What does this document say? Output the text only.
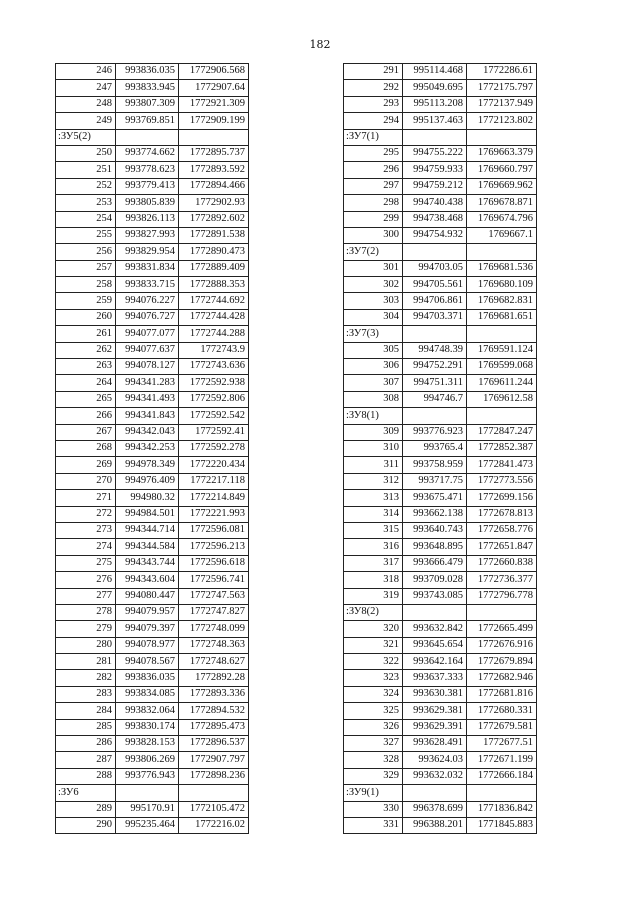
182
246	993836.035	1772906.568
247	993833.945	1772907.64
248	993807.309	1772921.309
249	993769.851	1772909.199
:ЗУ5(2)		
250	993774.662	1772895.737
251	993778.623	1772893.592
252	993779.413	1772894.466
253	993805.839	1772902.93
254	993826.113	1772892.602
255	993827.993	1772891.538
256	993829.954	1772890.473
257	993831.834	1772889.409
258	993833.715	1772888.353
259	994076.227	1772744.692
260	994076.727	1772744.428
261	994077.077	1772744.288
262	994077.637	1772743.9
263	994078.127	1772743.636
264	994341.283	1772592.938
265	994341.493	1772592.806
266	994341.843	1772592.542
267	994342.043	1772592.41
268	994342.253	1772592.278
269	994978.349	1772220.434
270	994976.409	1772217.118
271	994980.32	1772214.849
272	994984.501	1772221.993
273	994344.714	1772596.081
274	994344.584	1772596.213
275	994343.744	1772596.618
276	994343.604	1772596.741
277	994080.447	1772747.563
278	994079.957	1772747.827
279	994079.397	1772748.099
280	994078.977	1772748.363
281	994078.567	1772748.627
282	993836.035	1772892.28
283	993834.085	1772893.336
284	993832.064	1772894.532
285	993830.174	1772895.473
286	993828.153	1772896.537
287	993806.269	1772907.797
288	993776.943	1772898.236
:ЗУ6		
289	995170.91	1772105.472
290	995235.464	1772216.02
291	995114.468	1772286.61
292	995049.695	1772175.797
293	995113.208	1772137.949
294	995137.463	1772123.802
:ЗУ7(1)		
295	994755.222	1769663.379
296	994759.933	1769660.797
297	994759.212	1769669.962
298	994740.438	1769678.871
299	994738.468	1769674.796
300	994754.932	1769667.1
:ЗУ7(2)		
301	994703.05	1769681.536
302	994705.561	1769680.109
303	994706.861	1769682.831
304	994703.371	1769681.651
:ЗУ7(3)		
305	994748.39	1769591.124
306	994752.291	1769599.068
307	994751.311	1769611.244
308	994746.7	1769612.58
:ЗУ8(1)		
309	993776.923	1772847.247
310	993765.4	1772852.387
311	993758.959	1772841.473
312	993717.75	1772773.556
313	993675.471	1772699.156
314	993662.138	1772678.813
315	993640.743	1772658.776
316	993648.895	1772651.847
317	993666.479	1772660.838
318	993709.028	1772736.377
319	993743.085	1772796.778
:ЗУ8(2)		
320	993632.842	1772665.499
321	993645.654	1772676.916
322	993642.164	1772679.894
323	993637.333	1772682.946
324	993630.381	1772681.816
325	993629.381	1772680.331
326	993629.391	1772679.581
327	993628.491	1772677.51
328	993624.03	1772671.199
329	993632.032	1772666.184
:ЗУ9(1)		
330	996378.699	1771836.842
331	996388.201	1771845.883
